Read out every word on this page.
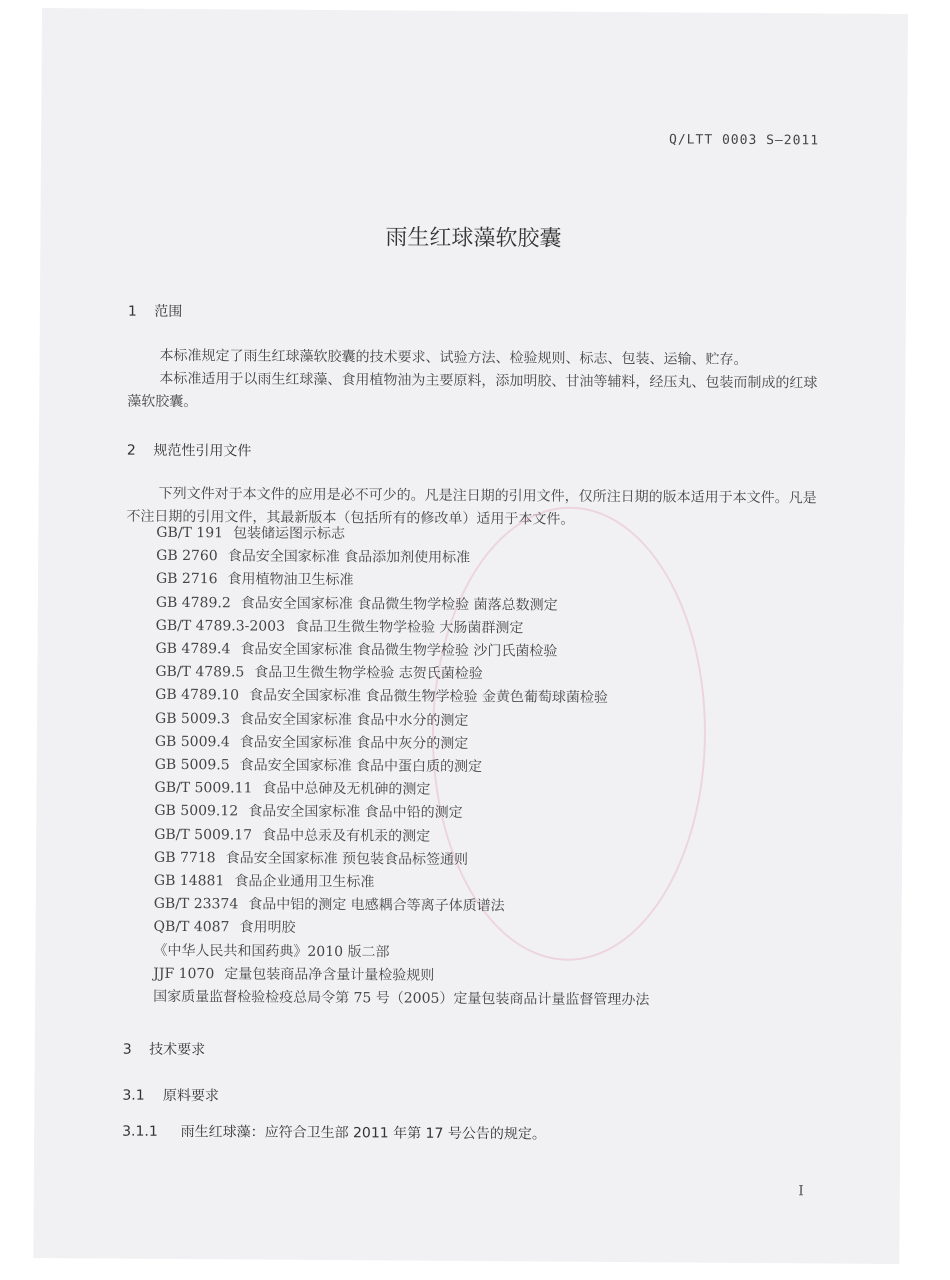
Q/LTT 0003 S—2011
雨生红球藻软胶囊
1 范围
本标准规定了雨生红球藻软胶囊的技术要求、试验方法、检验规则、标志、包装、运输、贮存。
本标准适用于以雨生红球藻、食用植物油为主要原料，添加明胶、甘油等辅料，经压丸、包装而制成的红球藻软胶囊。
2 规范性引用文件
下列文件对于本文件的应用是必不可少的。凡是注日期的引用文件，仅所注日期的版本适用于本文件。凡是不注日期的引用文件，其最新版本（包括所有的修改单）适用于本文件。
GB/T 191 包装储运图示标志
GB 2760 食品安全国家标准 食品添加剂使用标准
GB 2716 食用植物油卫生标准
GB 4789.2 食品安全国家标准 食品微生物学检验 菌落总数测定
GB/T 4789.3-2003 食品卫生微生物学检验 大肠菌群测定
GB 4789.4 食品安全国家标准 食品微生物学检验 沙门氏菌检验
GB/T 4789.5 食品卫生微生物学检验 志贺氏菌检验
GB 4789.10 食品安全国家标准 食品微生物学检验 金黄色葡萄球菌检验
GB 5009.3 食品安全国家标准 食品中水分的测定
GB 5009.4 食品安全国家标准 食品中灰分的测定
GB 5009.5 食品安全国家标准 食品中蛋白质的测定
GB/T 5009.11 食品中总砷及无机砷的测定
GB 5009.12 食品安全国家标准 食品中铅的测定
GB/T 5009.17 食品中总汞及有机汞的测定
GB 7718 食品安全国家标准 预包装食品标签通则
GB 14881 食品企业通用卫生标准
GB/T 23374 食品中铝的测定 电感耦合等离子体质谱法
QB/T 4087 食用明胶
《中华人民共和国药典》2010 版二部
JJF 1070 定量包装商品净含量计量检验规则
国家质量监督检验检疫总局令第 75 号（2005）定量包装商品计量监督管理办法
3 技术要求
3.1 原料要求
3.1.1 雨生红球藻：应符合卫生部 2011 年第 17 号公告的规定。
I
